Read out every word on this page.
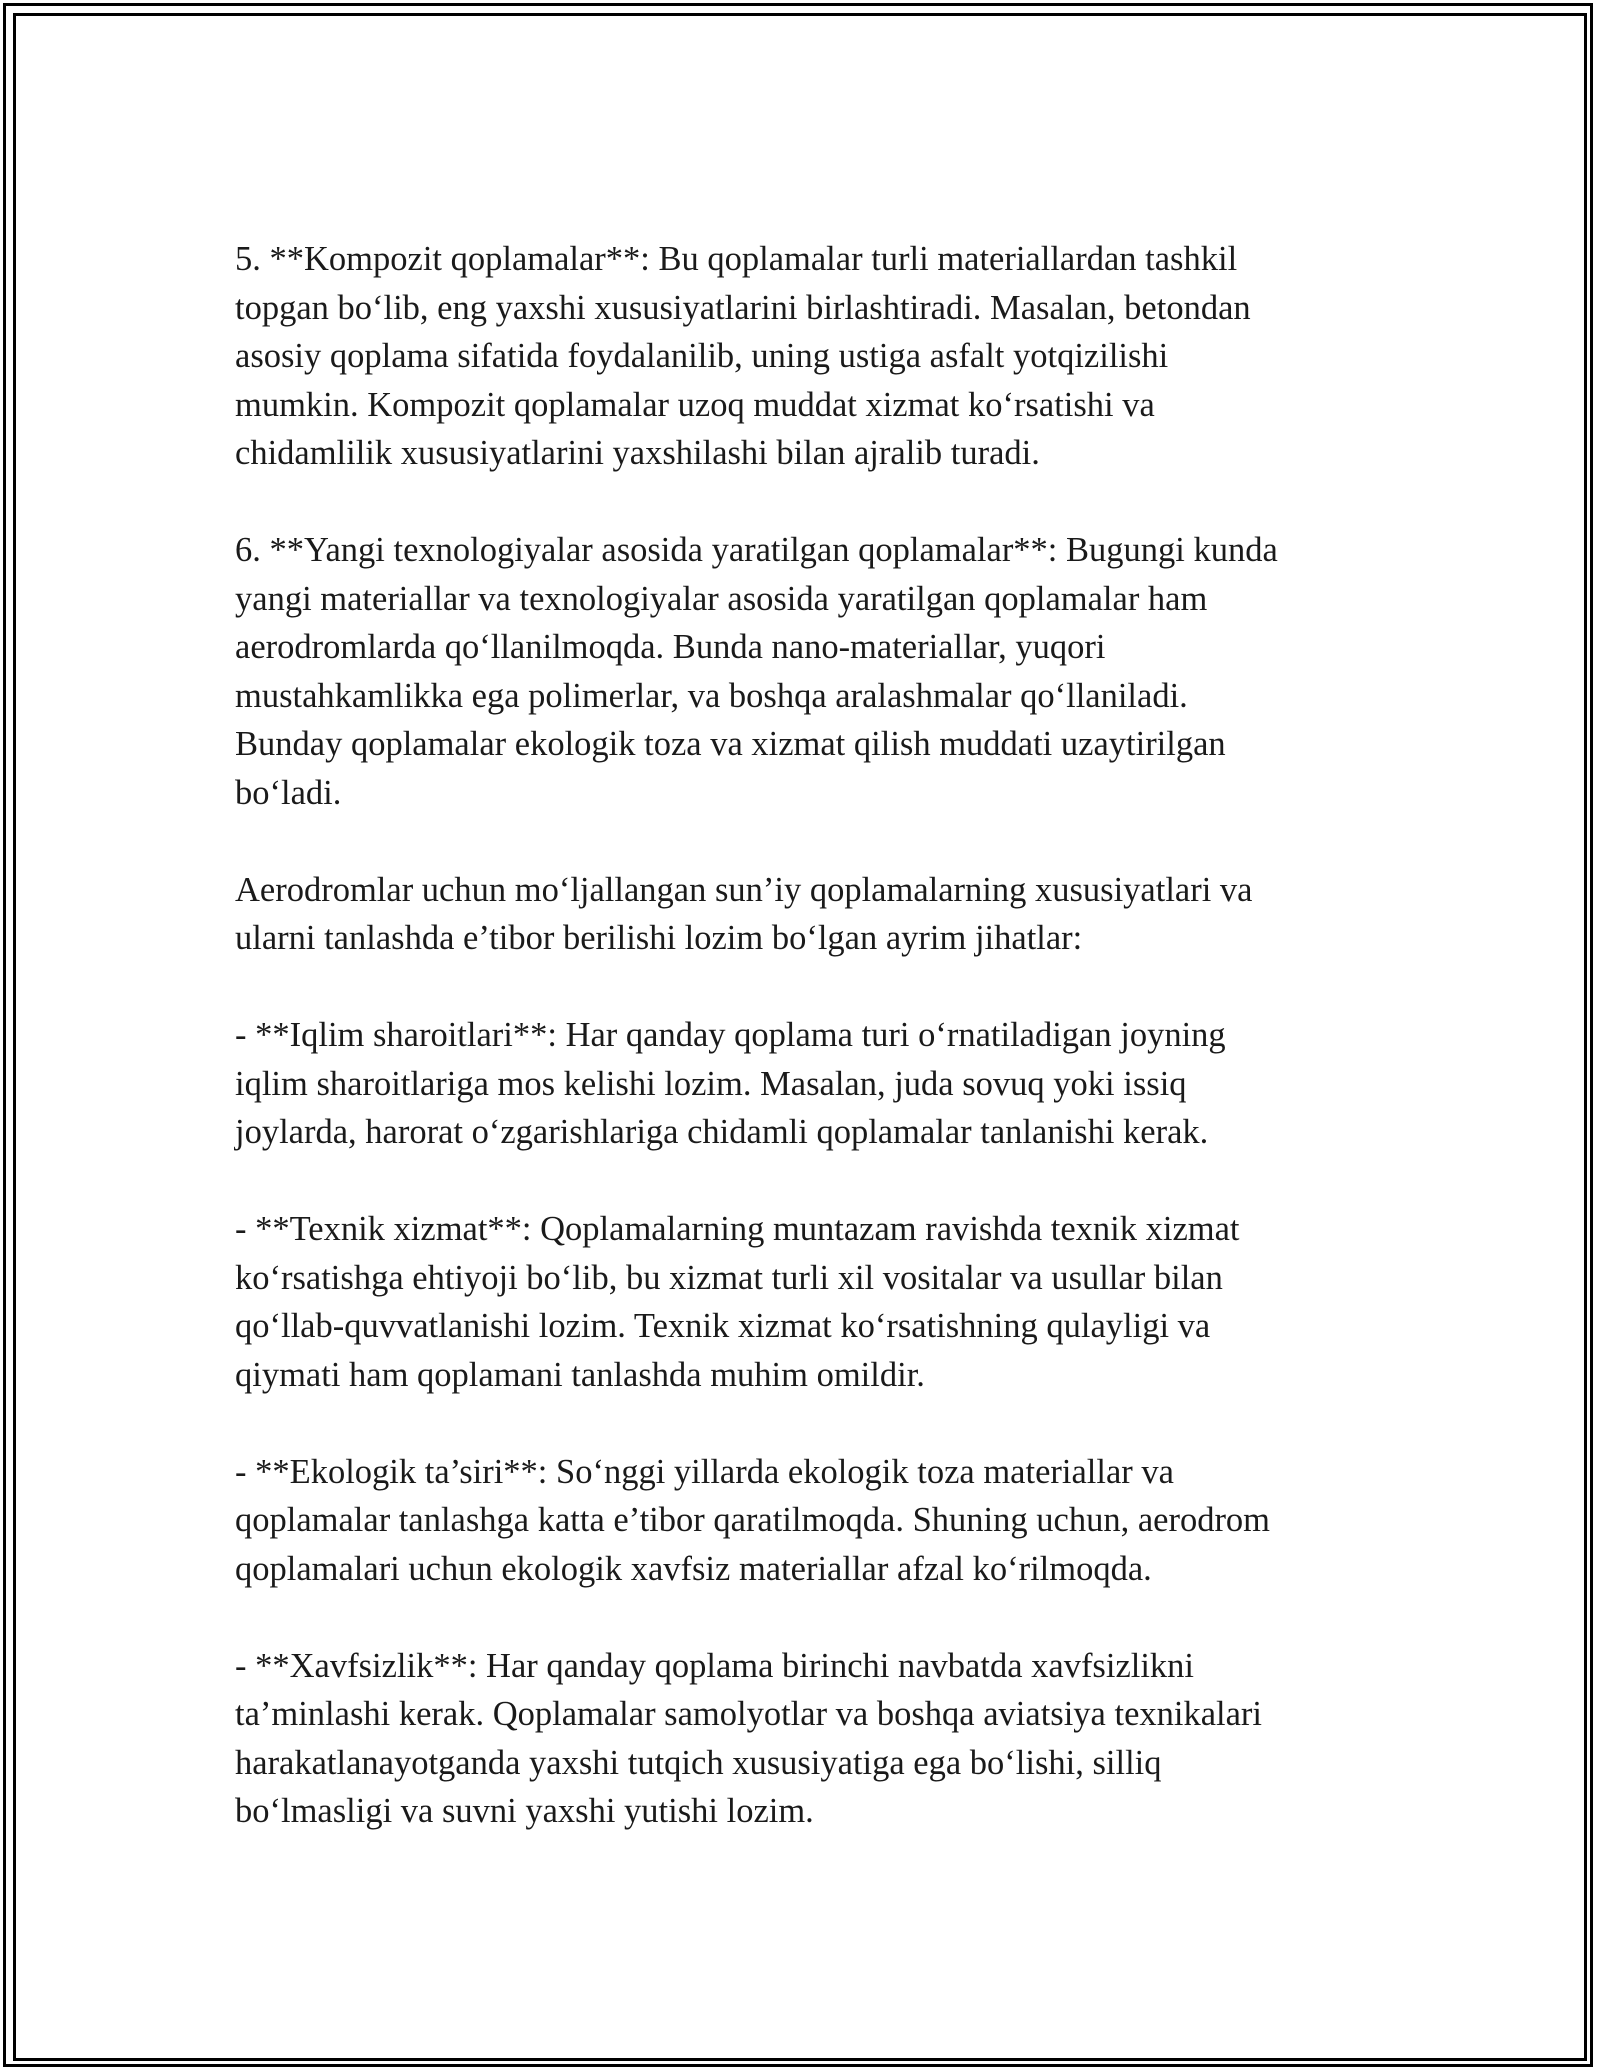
5. **Kompozit qoplamalar**: Bu qoplamalar turli materiallardan tashkil
topgan bo‘lib, eng yaxshi xususiyatlarini birlashtiradi. Masalan, betondan
asosiy qoplama sifatida foydalanilib, uning ustiga asfalt yotqizilishi
mumkin. Kompozit qoplamalar uzoq muddat xizmat ko‘rsatishi va
chidamlilik xususiyatlarini yaxshilashi bilan ajralib turadi.

6. **Yangi texnologiyalar asosida yaratilgan qoplamalar**: Bugungi kunda
yangi materiallar va texnologiyalar asosida yaratilgan qoplamalar ham
aerodromlarda qo‘llanilmoqda. Bunda nano-materiallar, yuqori
mustahkamlikka ega polimerlar, va boshqa aralashmalar qo‘llaniladi.
Bunday qoplamalar ekologik toza va xizmat qilish muddati uzaytirilgan
bo‘ladi.

Aerodromlar uchun mo‘ljallangan sun’iy qoplamalarning xususiyatlari va
ularni tanlashda e’tibor berilishi lozim bo‘lgan ayrim jihatlar:

- **Iqlim sharoitlari**: Har qanday qoplama turi o‘rnatiladigan joyning
iqlim sharoitlariga mos kelishi lozim. Masalan, juda sovuq yoki issiq
joylarda, harorat o‘zgarishlariga chidamli qoplamalar tanlanishi kerak.

- **Texnik xizmat**: Qoplamalarning muntazam ravishda texnik xizmat
ko‘rsatishga ehtiyoji bo‘lib, bu xizmat turli xil vositalar va usullar bilan
qo‘llab-quvvatlanishi lozim. Texnik xizmat ko‘rsatishning qulayligi va
qiymati ham qoplamani tanlashda muhim omildir.

- **Ekologik ta’siri**: So‘nggi yillarda ekologik toza materiallar va
qoplamalar tanlashga katta e’tibor qaratilmoqda. Shuning uchun, aerodrom
qoplamalari uchun ekologik xavfsiz materiallar afzal ko‘rilmoqda.

- **Xavfsizlik**: Har qanday qoplama birinchi navbatda xavfsizlikni
ta’minlashi kerak. Qoplamalar samolyotlar va boshqa aviatsiya texnikalari
harakatlanayotganda yaxshi tutqich xususiyatiga ega bo‘lishi, silliq
bo‘lmasligi va suvni yaxshi yutishi lozim.
